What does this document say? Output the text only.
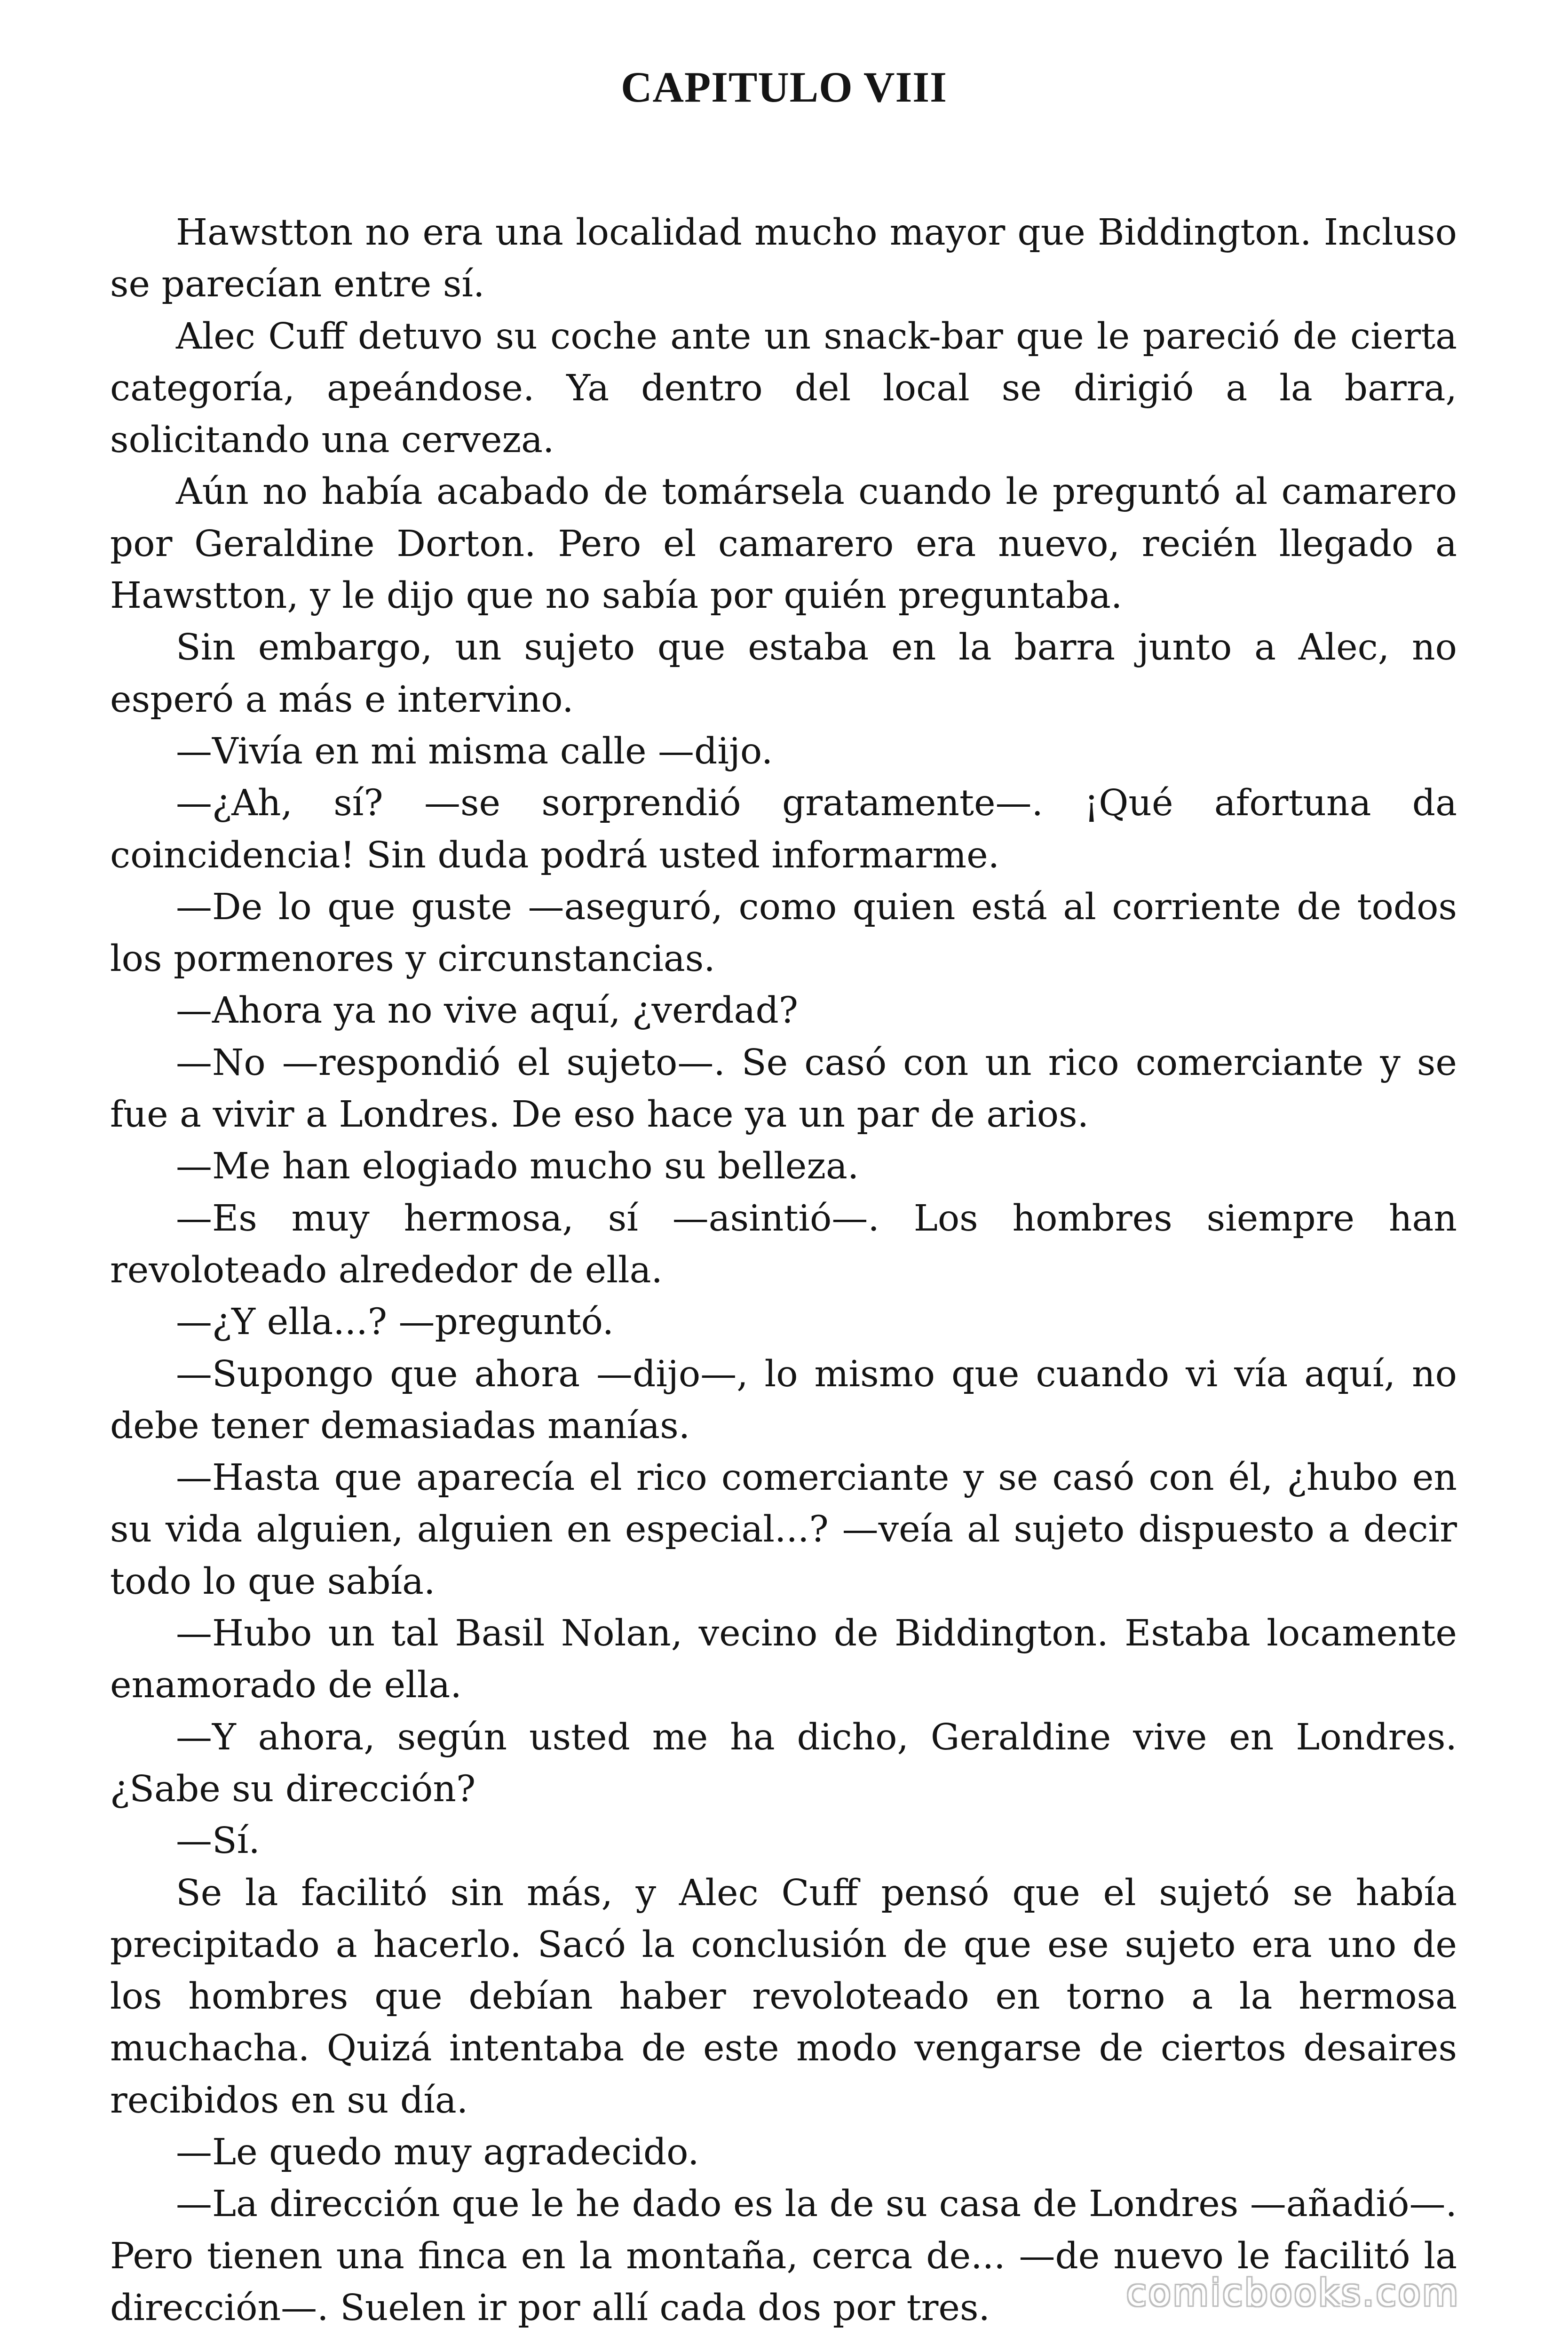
CAPITULO VIII

Hawstton no era una localidad mucho mayor que Biddington. Incluso se parecían entre sí.

Alec Cuff detuvo su coche ante un snack-bar que le pareció de cierta categoría, apeándose. Ya dentro del local se dirigió a la barra, solicitando una cerveza.

Aún no había acabado de tomársela cuando le preguntó al camarero por Geraldine Dorton. Pero el camarero era nuevo, recién llegado a Hawstton, y le dijo que no sabía por quién preguntaba.

Sin embargo, un sujeto que estaba en la barra junto a Alec, no esperó a más e intervino.

—Vivía en mi misma calle —dijo.

—¿Ah, sí? —se sorprendió gratamente—. ¡Qué afortuna da coincidencia! Sin duda podrá usted informarme.

—De lo que guste —aseguró, como quien está al corriente de todos los pormenores y circunstancias.

—Ahora ya no vive aquí, ¿verdad?

—No —respondió el sujeto—. Se casó con un rico comerciante y se fue a vivir a Londres. De eso hace ya un par de arios.

—Me han elogiado mucho su belleza.

—Es muy hermosa, sí —asintió—. Los hombres siempre han revoloteado alrededor de ella.

—¿Y ella...? —preguntó.

—Supongo que ahora —dijo—, lo mismo que cuando vi vía aquí, no debe tener demasiadas manías.

—Hasta que aparecía el rico comerciante y se casó con él, ¿hubo en su vida alguien, alguien en especial...? —veía al sujeto dispuesto a decir todo lo que sabía.

—Hubo un tal Basil Nolan, vecino de Biddington. Estaba locamente enamorado de ella.

—Y ahora, según usted me ha dicho, Geraldine vive en Londres. ¿Sabe su dirección?

—Sí.

Se la facilitó sin más, y Alec Cuff pensó que el sujetó se había precipitado a hacerlo. Sacó la conclusión de que ese sujeto era uno de los hombres que debían haber revoloteado en torno a la hermosa muchacha. Quizá intentaba de este modo vengarse de ciertos desaires recibidos en su día.

—Le quedo muy agradecido.

—La dirección que le he dado es la de su casa de Londres —añadió—. Pero tienen una finca en la montaña, cerca de... —de nuevo le facilitó la dirección—. Suelen ir por allí cada dos por tres.	comicbooks.com
